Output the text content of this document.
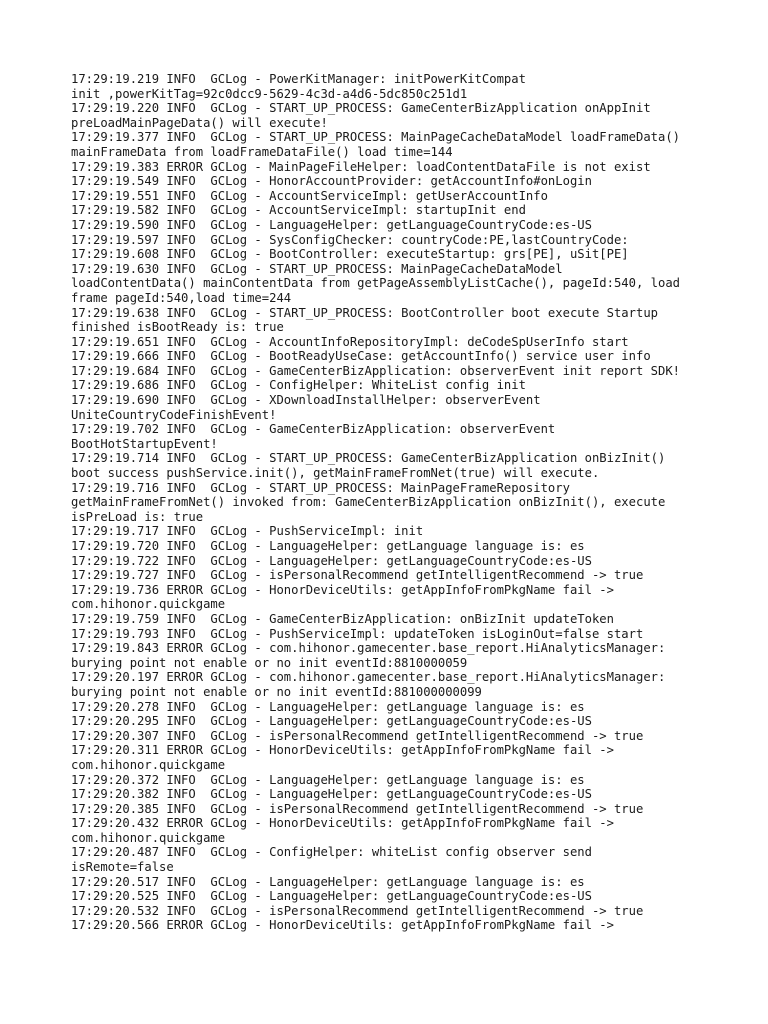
17:29:19.219 INFO  GCLog - PowerKitManager: initPowerKitCompat
init ,powerKitTag=92c0dcc9-5629-4c3d-a4d6-5dc850c251d1
17:29:19.220 INFO  GCLog - START_UP_PROCESS: GameCenterBizApplication onAppInit
preLoadMainPageData() will execute!
17:29:19.377 INFO  GCLog - START_UP_PROCESS: MainPageCacheDataModel loadFrameData()
mainFrameData from loadFrameDataFile() load time=144
17:29:19.383 ERROR GCLog - MainPageFileHelper: loadContentDataFile is not exist
17:29:19.549 INFO  GCLog - HonorAccountProvider: getAccountInfo#onLogin
17:29:19.551 INFO  GCLog - AccountServiceImpl: getUserAccountInfo
17:29:19.582 INFO  GCLog - AccountServiceImpl: startupInit end
17:29:19.590 INFO  GCLog - LanguageHelper: getLanguageCountryCode:es-US
17:29:19.597 INFO  GCLog - SysConfigChecker: countryCode:PE,lastCountryCode:
17:29:19.608 INFO  GCLog - BootController: executeStartup: grs[PE], uSit[PE]
17:29:19.630 INFO  GCLog - START_UP_PROCESS: MainPageCacheDataModel
loadContentData() mainContentData from getPageAssemblyListCache(), pageId:540, load
frame pageId:540,load time=244
17:29:19.638 INFO  GCLog - START_UP_PROCESS: BootController boot execute Startup
finished isBootReady is: true
17:29:19.651 INFO  GCLog - AccountInfoRepositoryImpl: deCodeSpUserInfo start
17:29:19.666 INFO  GCLog - BootReadyUseCase: getAccountInfo() service user info
17:29:19.684 INFO  GCLog - GameCenterBizApplication: observerEvent init report SDK!
17:29:19.686 INFO  GCLog - ConfigHelper: WhiteList config init
17:29:19.690 INFO  GCLog - XDownloadInstallHelper: observerEvent
UniteCountryCodeFinishEvent!
17:29:19.702 INFO  GCLog - GameCenterBizApplication: observerEvent
BootHotStartupEvent!
17:29:19.714 INFO  GCLog - START_UP_PROCESS: GameCenterBizApplication onBizInit()
boot success pushService.init(), getMainFrameFromNet(true) will execute.
17:29:19.716 INFO  GCLog - START_UP_PROCESS: MainPageFrameRepository
getMainFrameFromNet() invoked from: GameCenterBizApplication onBizInit(), execute
isPreLoad is: true
17:29:19.717 INFO  GCLog - PushServiceImpl: init
17:29:19.720 INFO  GCLog - LanguageHelper: getLanguage language is: es
17:29:19.722 INFO  GCLog - LanguageHelper: getLanguageCountryCode:es-US
17:29:19.727 INFO  GCLog - isPersonalRecommend getIntelligentRecommend -> true
17:29:19.736 ERROR GCLog - HonorDeviceUtils: getAppInfoFromPkgName fail ->
com.hihonor.quickgame
17:29:19.759 INFO  GCLog - GameCenterBizApplication: onBizInit updateToken
17:29:19.793 INFO  GCLog - PushServiceImpl: updateToken isLoginOut=false start
17:29:19.843 ERROR GCLog - com.hihonor.gamecenter.base_report.HiAnalyticsManager:
burying point not enable or no init eventId:8810000059
17:29:20.197 ERROR GCLog - com.hihonor.gamecenter.base_report.HiAnalyticsManager:
burying point not enable or no init eventId:881000000099
17:29:20.278 INFO  GCLog - LanguageHelper: getLanguage language is: es
17:29:20.295 INFO  GCLog - LanguageHelper: getLanguageCountryCode:es-US
17:29:20.307 INFO  GCLog - isPersonalRecommend getIntelligentRecommend -> true
17:29:20.311 ERROR GCLog - HonorDeviceUtils: getAppInfoFromPkgName fail ->
com.hihonor.quickgame
17:29:20.372 INFO  GCLog - LanguageHelper: getLanguage language is: es
17:29:20.382 INFO  GCLog - LanguageHelper: getLanguageCountryCode:es-US
17:29:20.385 INFO  GCLog - isPersonalRecommend getIntelligentRecommend -> true
17:29:20.432 ERROR GCLog - HonorDeviceUtils: getAppInfoFromPkgName fail ->
com.hihonor.quickgame
17:29:20.487 INFO  GCLog - ConfigHelper: whiteList config observer send
isRemote=false
17:29:20.517 INFO  GCLog - LanguageHelper: getLanguage language is: es
17:29:20.525 INFO  GCLog - LanguageHelper: getLanguageCountryCode:es-US
17:29:20.532 INFO  GCLog - isPersonalRecommend getIntelligentRecommend -> true
17:29:20.566 ERROR GCLog - HonorDeviceUtils: getAppInfoFromPkgName fail ->
